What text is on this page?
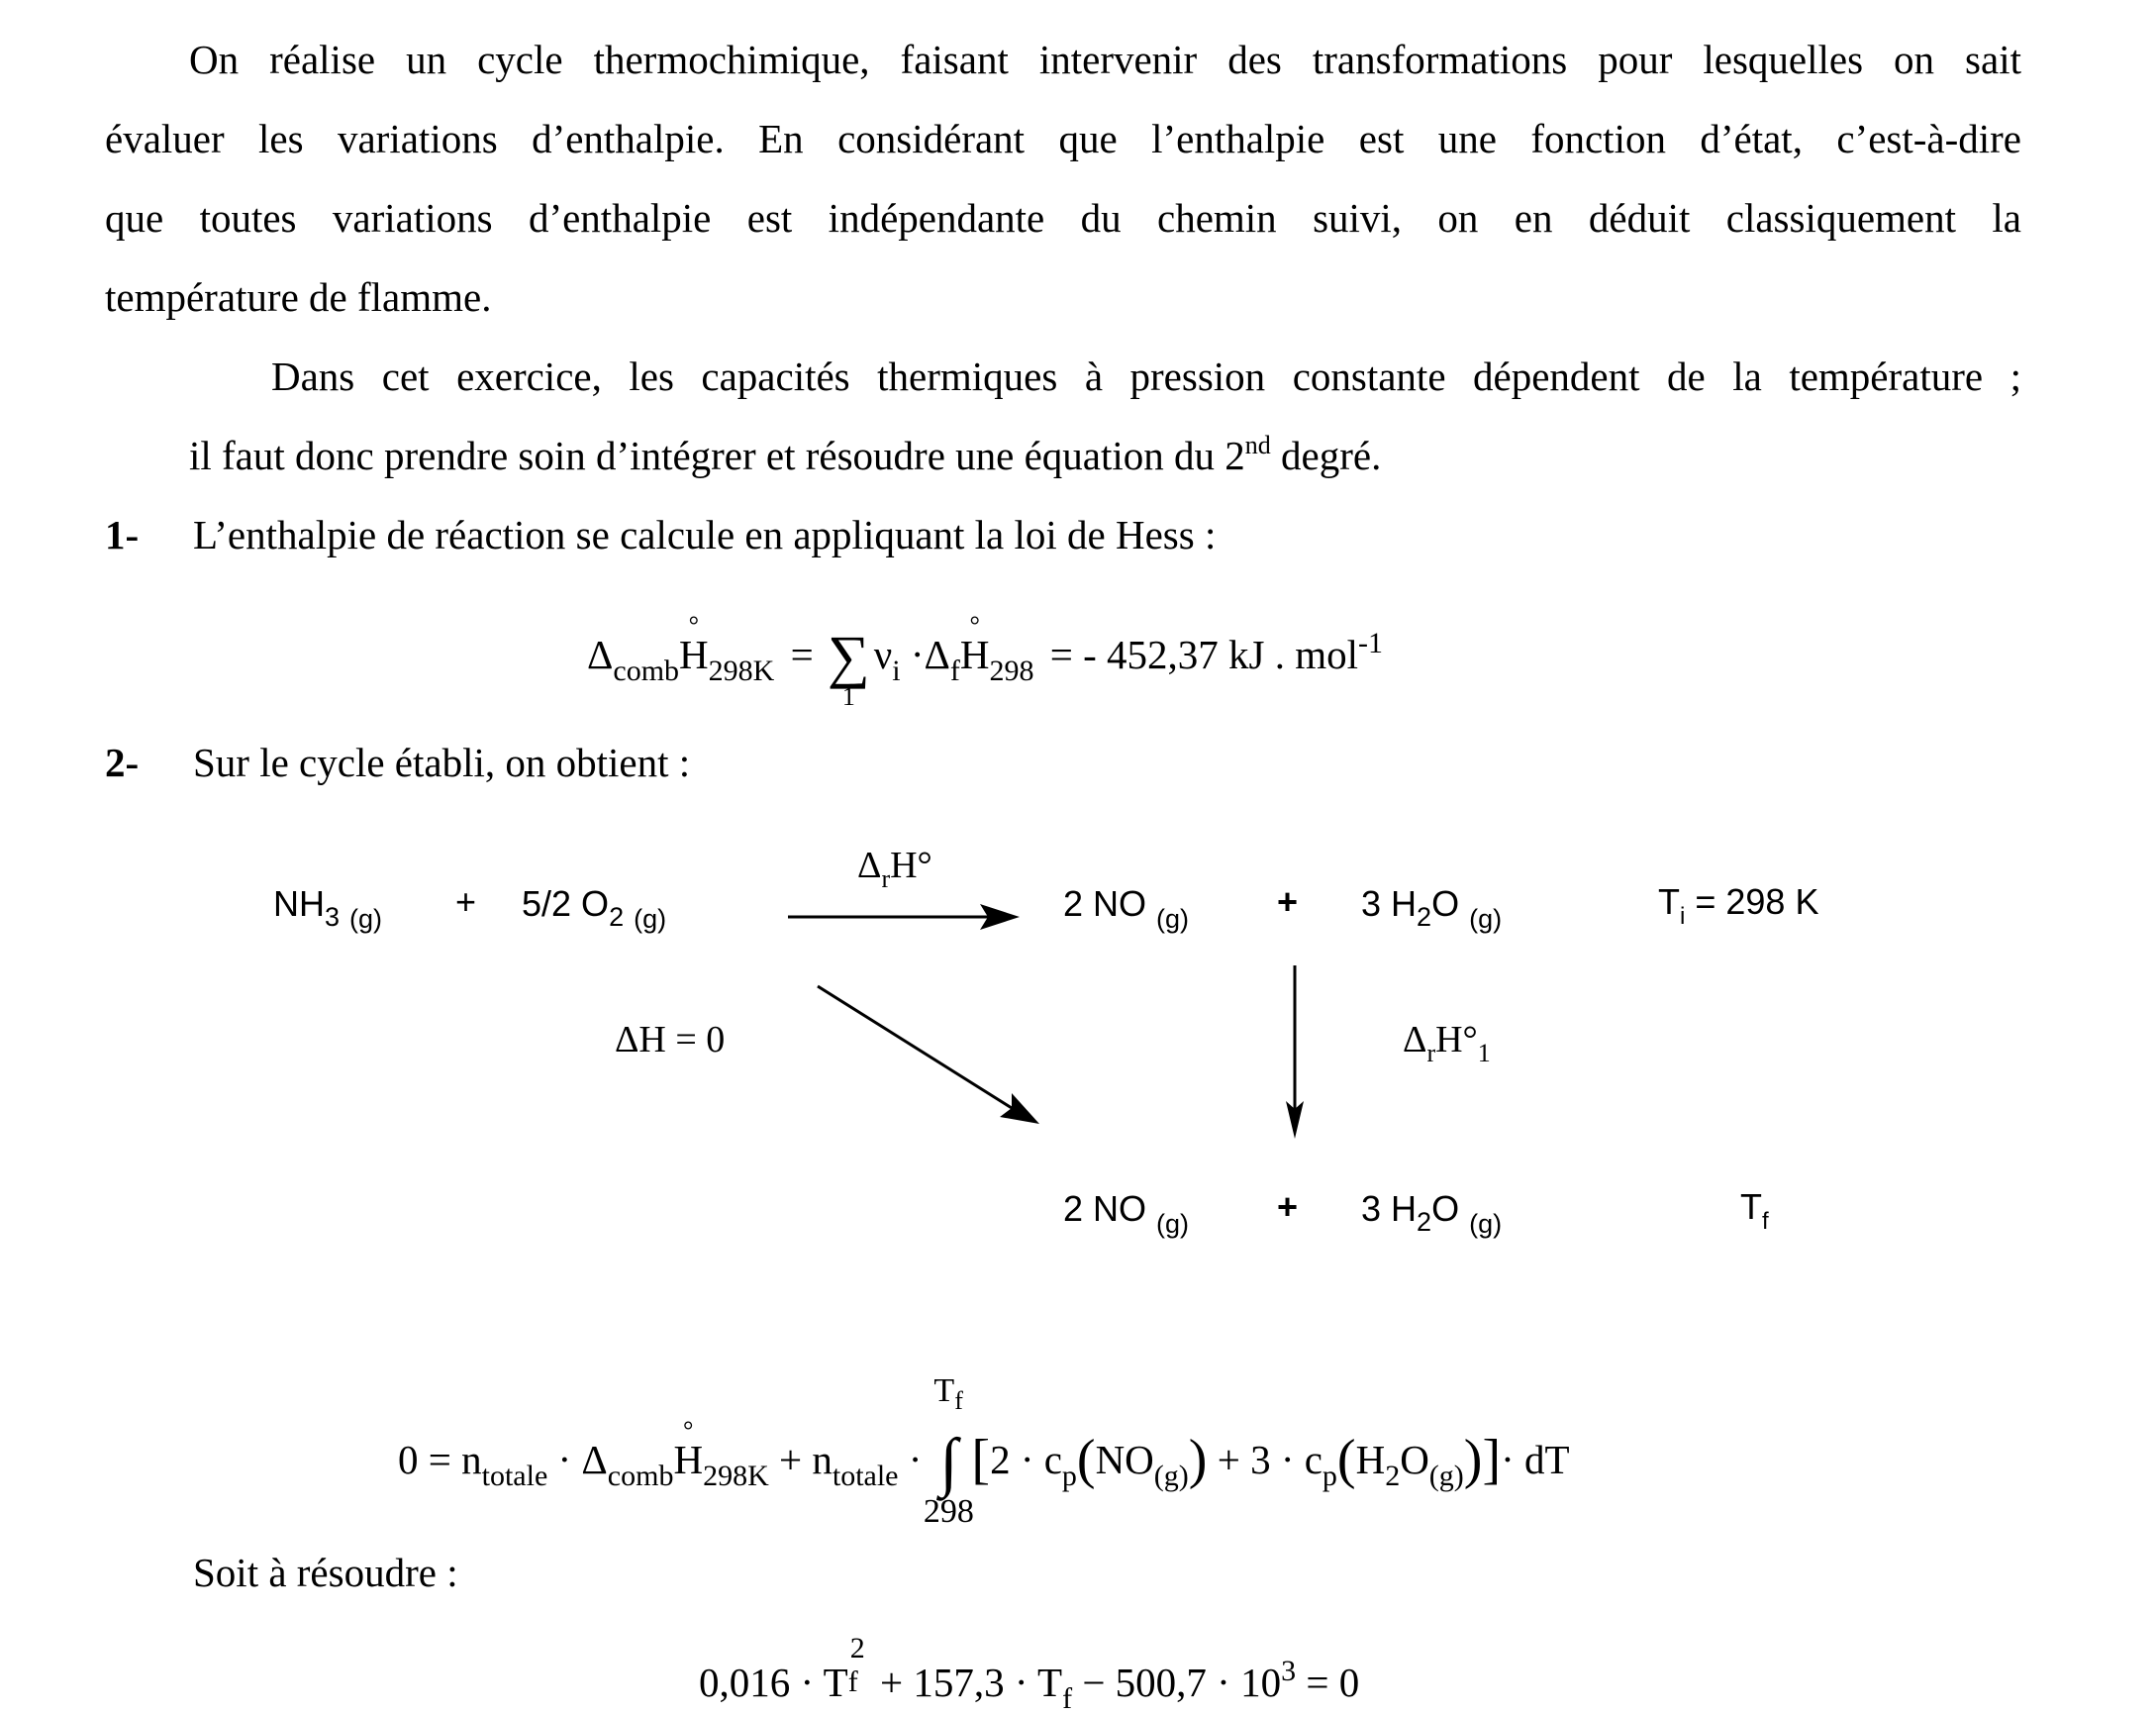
On réalise un cycle thermochimique, faisant intervenir des transformations pour lesquelles on sait
évaluer les variations d’enthalpie. En considérant que l’enthalpie est une fonction d’état, c’est-à-dire
que toutes variations d’enthalpie est indépendante du chemin suivi, on en déduit classiquement la
température de flamme.
Dans cet exercice, les capacités thermiques à pression constante dépendent de la température ;
il faut donc prendre soin d’intégrer et résoudre une équation du 2nd degré.
1- L’enthalpie de réaction se calcule en appliquant la loi de Hess :
$\Delta_{comb}H$
°
$_{298K}$ = ∑
1
$\nu_i \cdot\Delta_fH$
°
$_{298}$ = - 452,37 kJ . mol$^{-1}$
2- Sur le cycle établi, on obtient :
$NH_3$ $_{(g)}$ + 5/2 $O_2$ $_{(g)}$
$\Delta_rH^\circ$
2 NO $_{(g)}$ + 3 $H_2O$ $_{(g)}$	$T_i = 298$ K
ΔH = 0	$\Delta_rH^\circ_1$
2 NO $_{(g)}$ + 3 $H_2O$ $_{(g)}$	$T_f$
$0 = n_{totale} \cdot \Delta_{comb}H$
°
$_{298K} + n_{totale}$ · ∫
$T_f$
298
$[2 \cdot c_p(NO_{(g)}) + 3 \cdot c_p(H_2O_{(g)})]\cdot$ dT
Soit à résoudre :
0,016 · T f
2
+ $157,3 \cdot T_f - 500,7 \cdot 10^3 = 0$
